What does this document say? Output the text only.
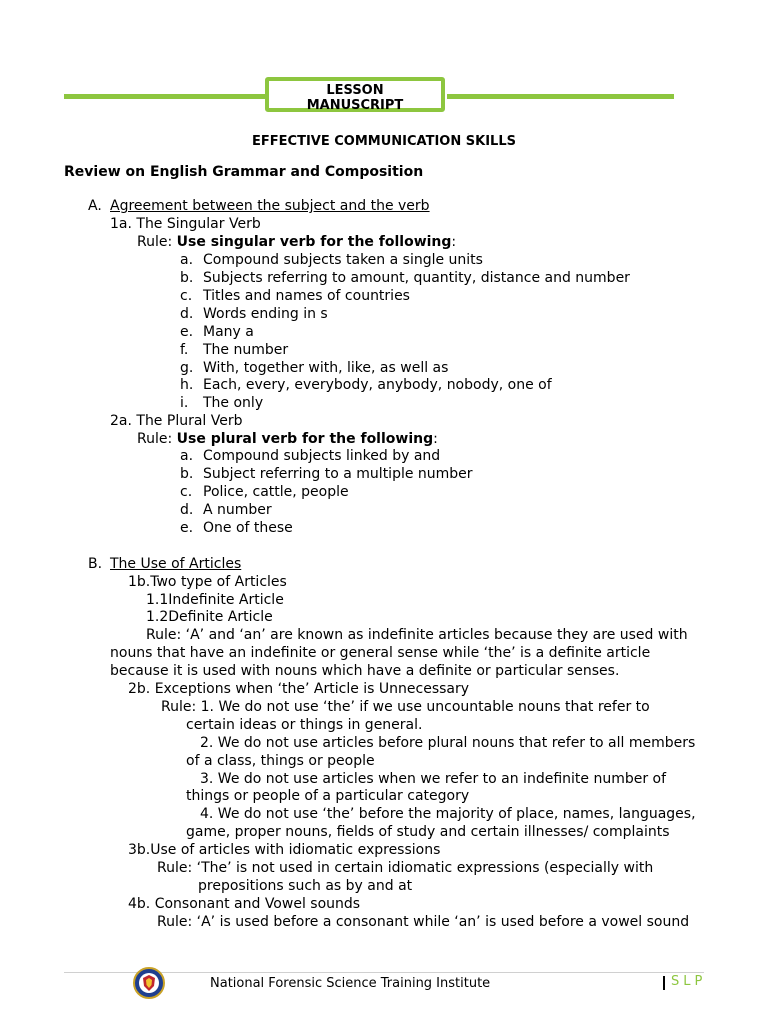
LESSON
MANUSCRIPT
EFFECTIVE COMMUNICATION SKILLS
Review on English Grammar and Composition
A. Agreement between the subject and the verb
1a. The Singular Verb
Rule: Use singular verb for the following:
a. Compound subjects taken a single units
b. Subjects referring to amount, quantity, distance and number
c. Titles and names of countries
d. Words ending in s
e. Many a
f. The number
g. With, together with, like, as well as
h. Each, every, everybody, anybody, nobody, one of
i. The only
2a. The Plural Verb
Rule: Use plural verb for the following:
a. Compound subjects linked by and
b. Subject referring to a multiple number
c. Police, cattle, people
d. A number
e. One of these
B. The Use of Articles
1b.Two type of Articles
1.1Indefinite Article
1.2Definite Article
Rule: ‘A’ and ‘an’ are known as indefinite articles because they are used with
nouns that have an indefinite or general sense while ‘the’ is a definite article
because it is used with nouns which have a definite or particular senses.
2b. Exceptions when ‘the’ Article is Unnecessary
Rule: 1. We do not use ‘the’ if we use uncountable nouns that refer to
certain ideas or things in general.
2. We do not use articles before plural nouns that refer to all members
of a class, things or people
3. We do not use articles when we refer to an indefinite number of
things or people of a particular category
4. We do not use ‘the’ before the majority of place, names, languages,
game, proper nouns, fields of study and certain illnesses/ complaints
3b.Use of articles with idiomatic expressions
Rule: ‘The’ is not used in certain idiomatic expressions (especially with
prepositions such as by and at
4b. Consonant and Vowel sounds
Rule: ‘A’ is used before a consonant while ‘an’ is used before a vowel sound
National Forensic Science Training Institute	SLP
